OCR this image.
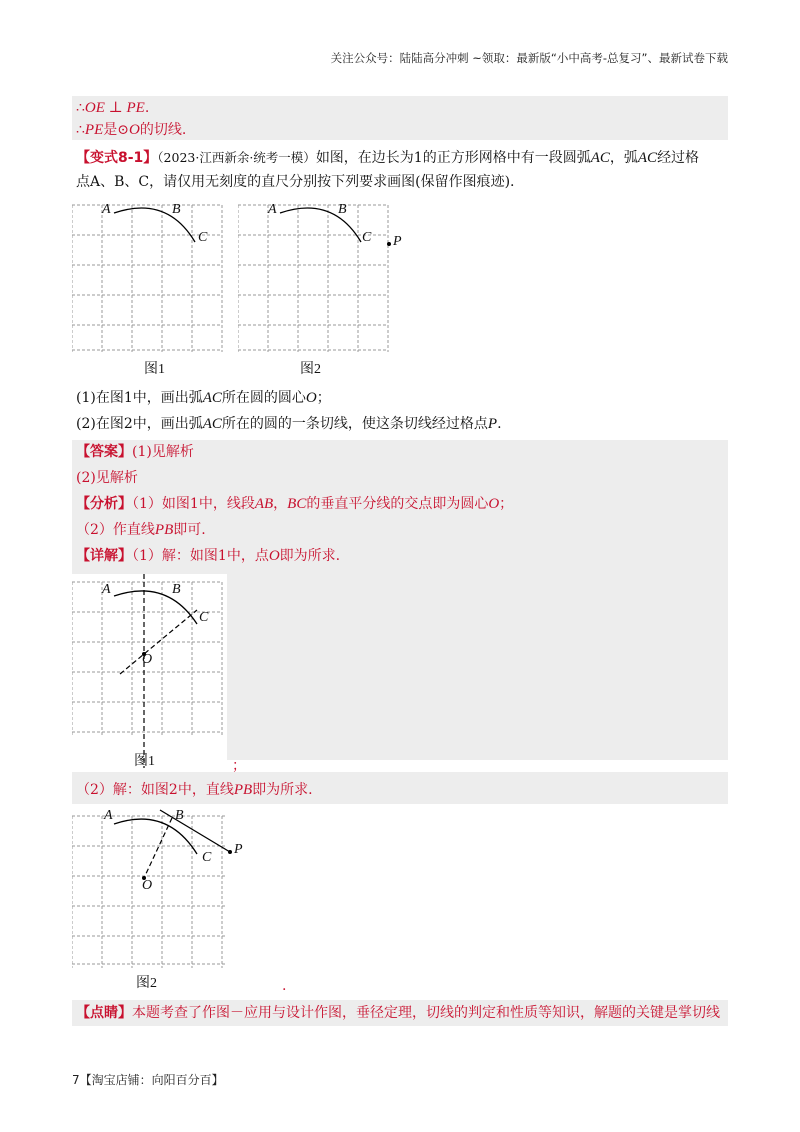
关注公众号：陆陆高分冲刺 ~领取：最新版“小中高考-总复习”、最新试卷下载
∴OE ⊥ PE.
∴PE是⊙O的切线.
【变式8-1】（2023·江西新余·统考一模）如图，在边长为1的正方形网格中有一段圆弧AC，弧AC经过格
点A、B、C，请仅用无刻度的直尺分别按下列要求画图(保留作图痕迹).
A	B
C
图1
A	B
C P
图2
(1)在图1中，画出弧AC所在圆的圆心O；
(2)在图2中，画出弧AC所在的圆的一条切线，使这条切线经过格点P.
【答案】(1)见解析
(2)见解析
【分析】（1）如图1中，线段AB，BC的垂直平分线的交点即为圆心O；
（2）作直线PB即可.
【详解】（1）解：如图1中，点O即为所求.
A	B
C
O
图1	；
（2）解：如图2中，直线PB即为所求.
A	B
C
P
O
图2	.
【点睛】本题考查了作图－应用与设计作图，垂径定理，切线的判定和性质等知识，解题的关键是掌切线
7【淘宝店铺：向阳百分百】
